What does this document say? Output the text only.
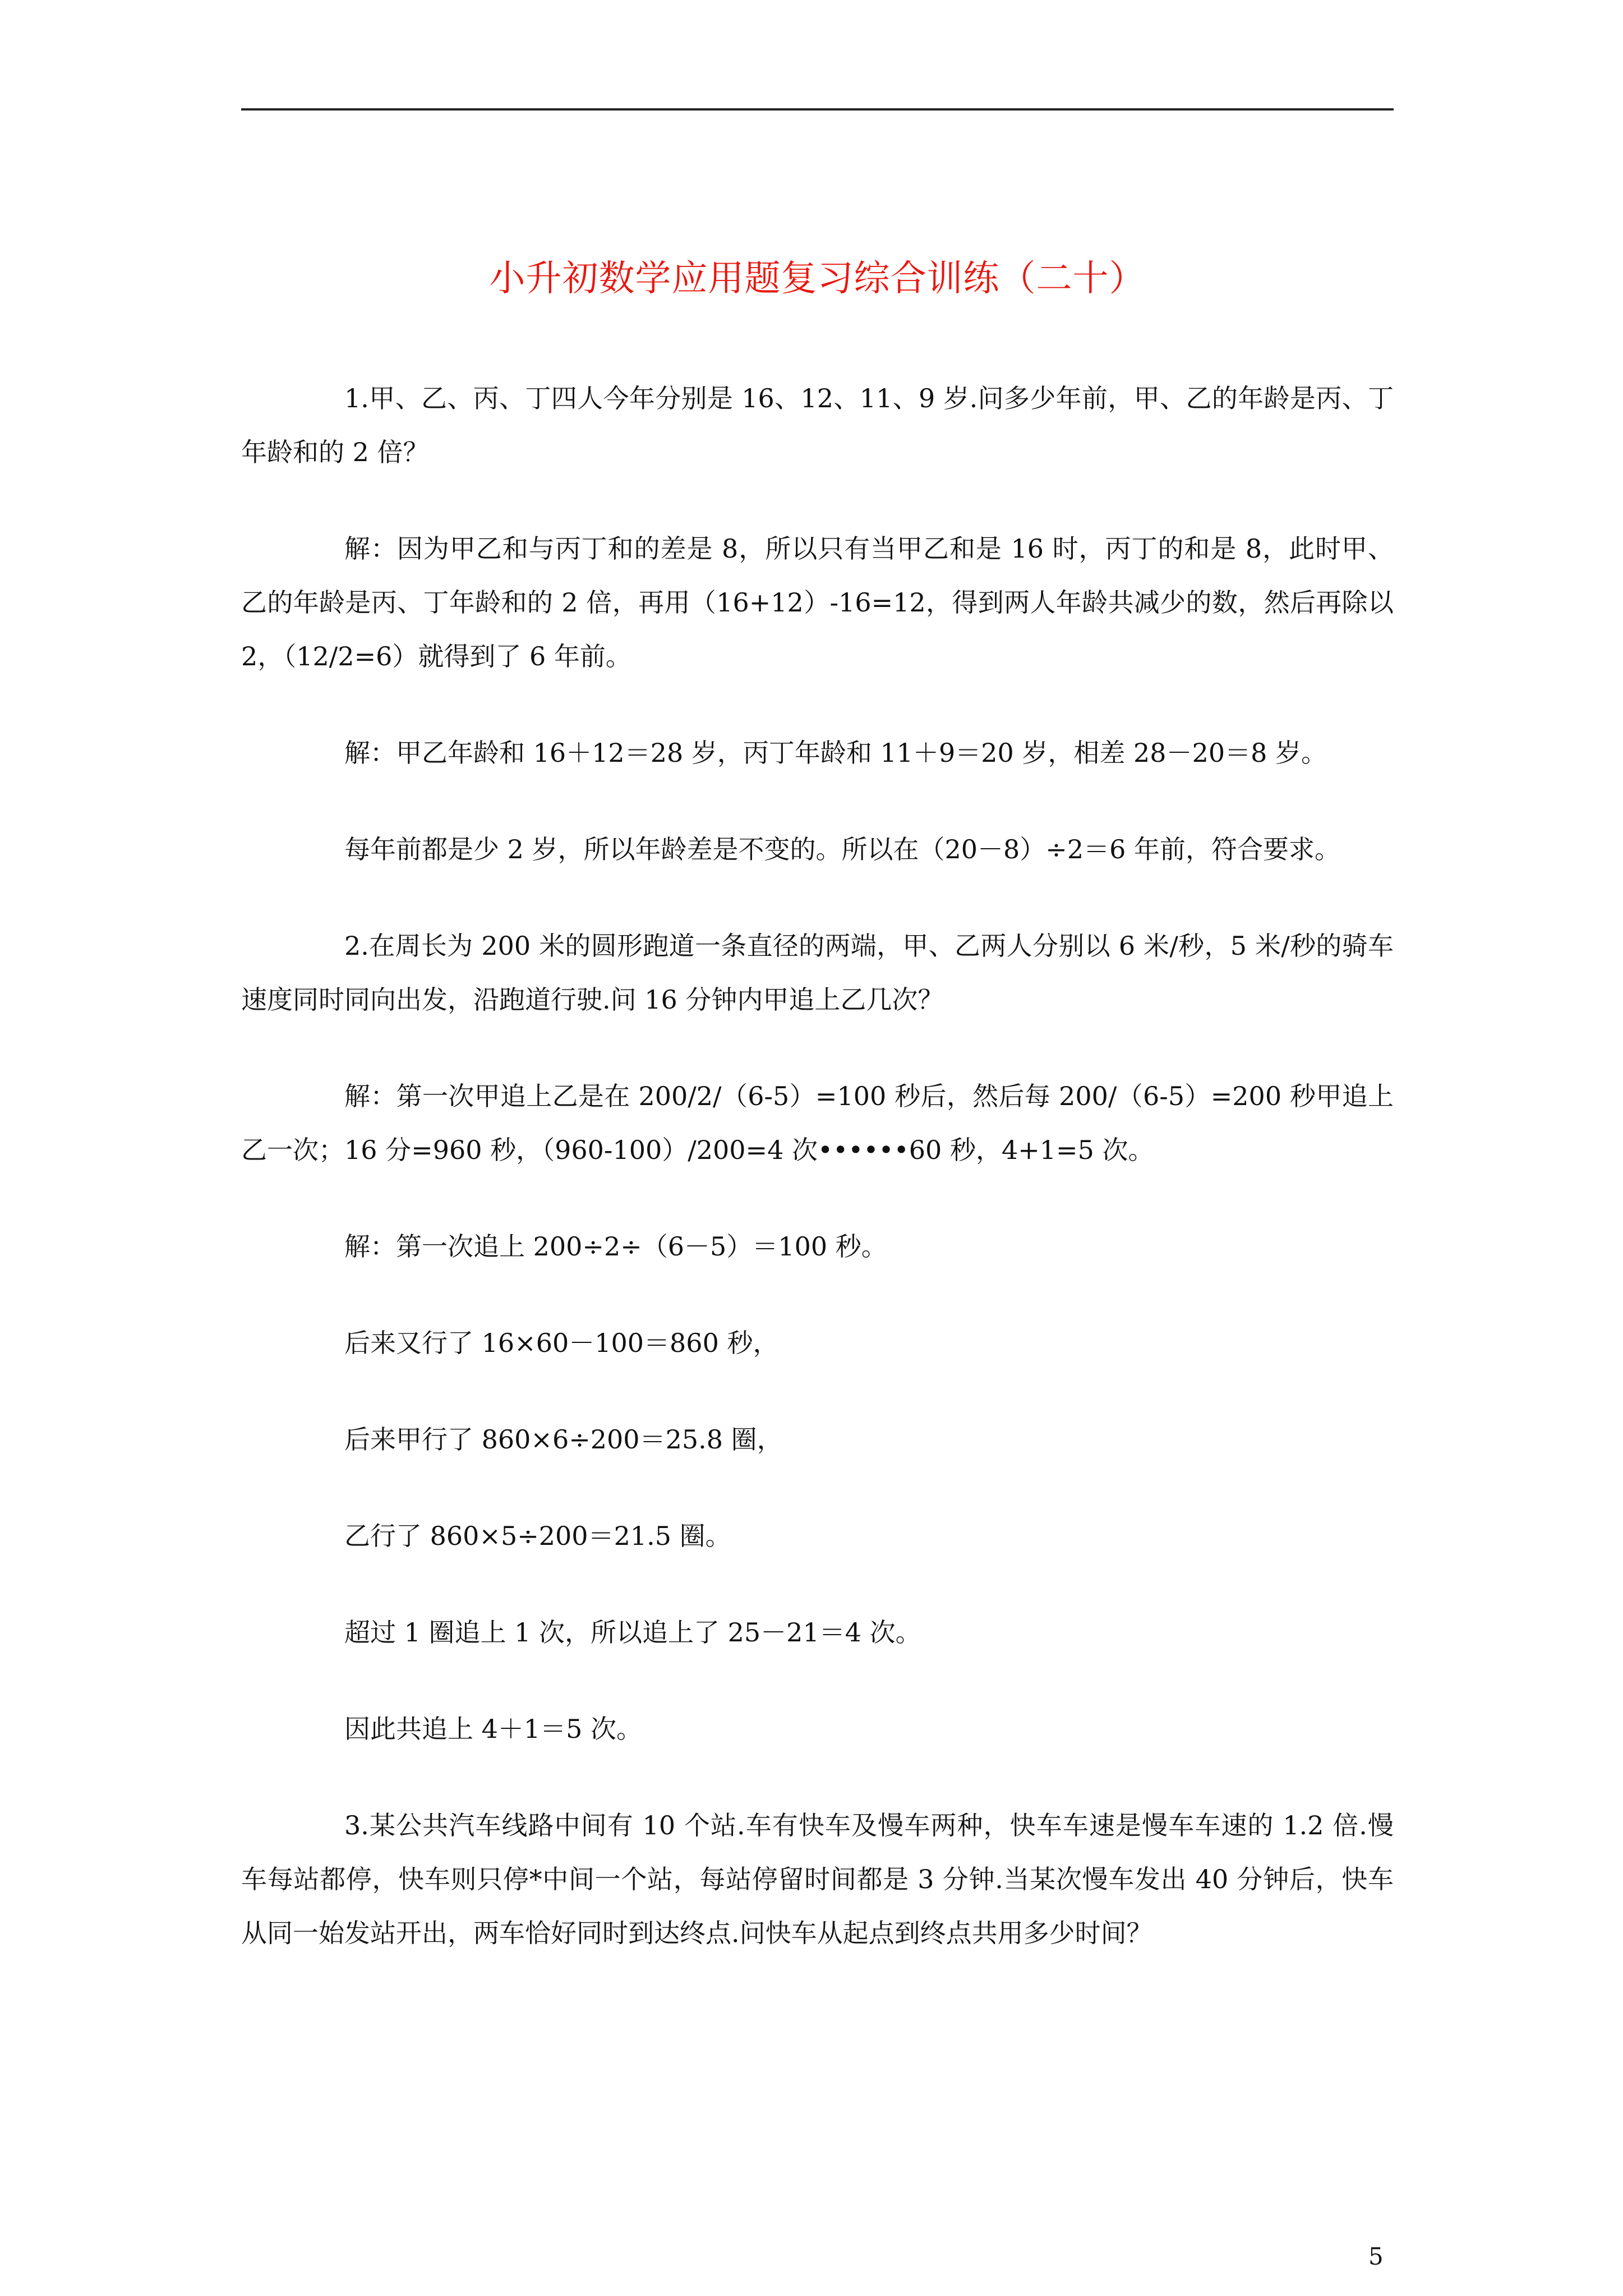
小升初数学应用题复习综合训练（二十）

1.甲、乙、丙、丁四人今年分别是 16、12、11、9 岁.问多少年前，甲、乙的年龄是丙、丁年龄和的 2 倍？

解：因为甲乙和与丙丁和的差是 8，所以只有当甲乙和是 16 时，丙丁的和是 8，此时甲、乙的年龄是丙、丁年龄和的 2 倍，再用（16+12）-16=12，得到两人年龄共减少的数，然后再除以 2，（12/2=6）就得到了 6 年前。

解：甲乙年龄和 16＋12＝28 岁，丙丁年龄和 11＋9＝20 岁，相差 28－20＝8 岁。

每年前都是少 2 岁，所以年龄差是不变的。所以在（20－8）÷2＝6 年前，符合要求。

2.在周长为 200 米的圆形跑道一条直径的两端，甲、乙两人分别以 6 米/秒，5 米/秒的骑车速度同时同向出发，沿跑道行驶.问 16 分钟内甲追上乙几次？

解：第一次甲追上乙是在 200/2/（6-5）=100 秒后，然后每 200/（6-5）=200 秒甲追上乙一次；16 分=960 秒，（960-100）/200=4 次••••••60 秒，4+1=5 次。

解：第一次追上 200÷2÷（6－5）＝100 秒。

后来又行了 16×60－100＝860 秒，

后来甲行了 860×6÷200＝25.8 圈，

乙行了 860×5÷200＝21.5 圈。

超过 1 圈追上 1 次，所以追上了 25－21＝4 次。

因此共追上 4＋1＝5 次。

3.某公共汽车线路中间有 10 个站.车有快车及慢车两种，快车车速是慢车车速的 1.2 倍.慢车每站都停，快车则只停*中间一个站，每站停留时间都是 3 分钟.当某次慢车发出 40 分钟后，快车从同一始发站开出，两车恰好同时到达终点.问快车从起点到终点共用多少时间？

5
